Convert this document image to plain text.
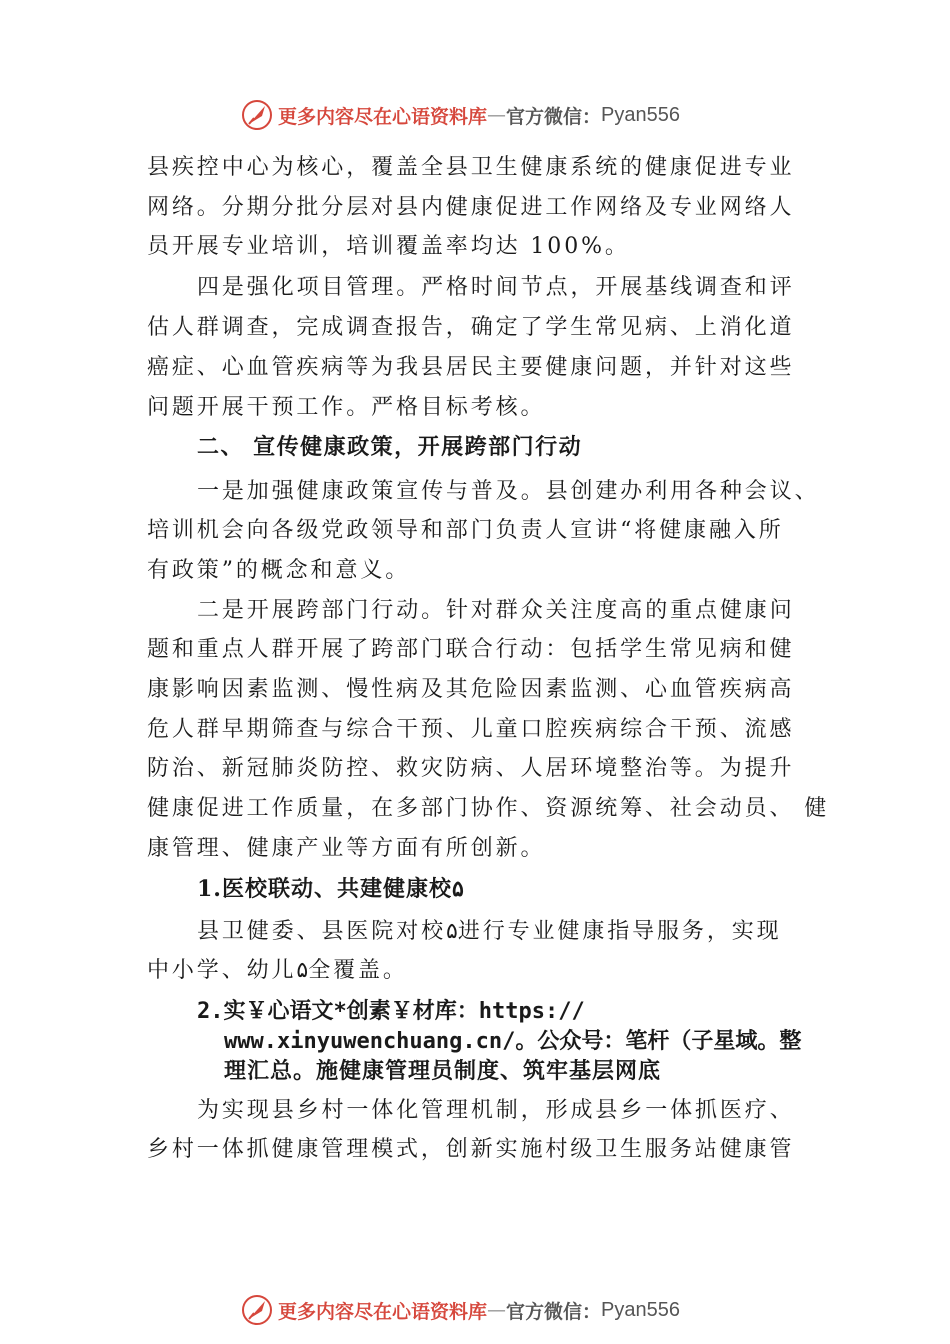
更多内容尽在心语资料库 — 官方微信： Pyan556
县疾控中心为核心，覆盖全县卫生健康系统的健康促进专业
网络。分期分批分层对县内健康促进工作网络及专业网络人
员开展专业培训，培训覆盖率均达 100%。
四是强化项目管理。严格时间节点，开展基线调查和评
估人群调查，完成调查报告，确定了学生常见病、上消化道
癌症、心血管疾病等为我县居民主要健康问题，并针对这些
问题开展干预工作。严格目标考核。
二、 宣传健康政策，开展跨部门行动
一是加强健康政策宣传与普及。县创建办利用各种会议、
培训机会向各级党政领导和部门负责人宣讲“将健康融入所
有政策”的概念和意义。
二是开展跨部门行动。针对群众关注度高的重点健康问
题和重点人群开展了跨部门联合行动：包括学生常见病和健
康影响因素监测、慢性病及其危险因素监测、心血管疾病高
危人群早期筛查与综合干预、儿童口腔疾病综合干预、流感
防治、新冠肺炎防控、救灾防病、人居环境整治等。为提升
健康促进工作质量，在多部门协作、资源统筹、社会动员、 健
康管理、健康产业等方面有所创新。
1.医校联动、共建健康校۵
县卫健委、县医院对校۵进行专业健康指导服务，实现
中小学、幼儿۵全覆盖。
2.实￥心语文*创素￥材库：https://
www.xinyuwenchuang.cn/。公众号：笔杆（子星域。整
理汇总。施健康管理员制度、筑牢基层网底
为实现县乡村一体化管理机制，形成县乡一体抓医疗、
乡村一体抓健康管理模式，创新实施村级卫生服务站健康管
更多内容尽在心语资料库 — 官方微信： Pyan556
